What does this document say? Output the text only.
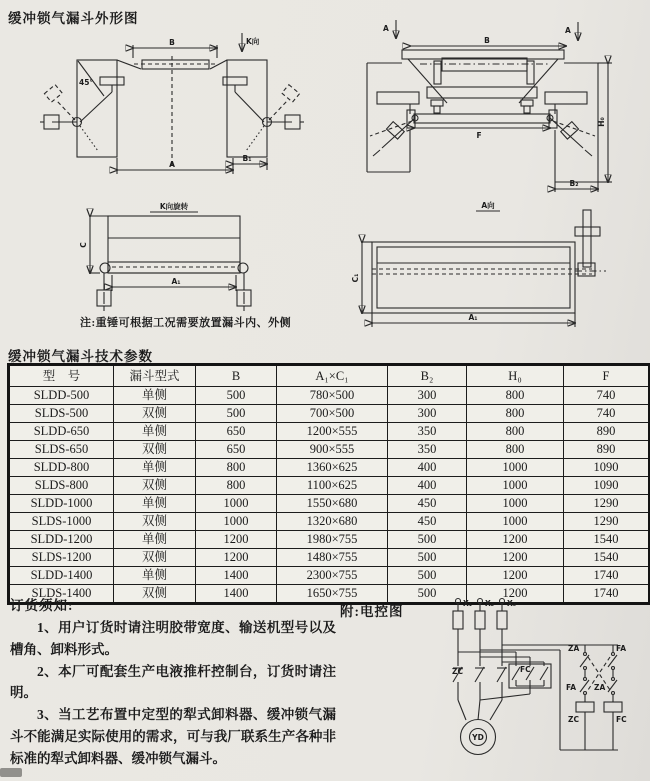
缓冲锁气漏斗外形图
B	K向
45°
A
B₁
A	A
B
F
H₀
B₂
K向旋转
C
A₁
注:重锤可根据工况需要放置漏斗内、外侧
A向
C₁
A₁
缓冲锁气漏斗技术参数
型　号	漏斗型式	B	A₁×C₁	B₂	H₀	F
SLDD-500	单侧	500	780×500	300	800	740
SLDS-500	双侧	500	700×500	300	800	740
SLDD-650	单侧	650	1200×555	350	800	890
SLDS-650	双侧	650	900×555	350	800	890
SLDD-800	单侧	800	1360×625	400	1000	1090
SLDS-800	双侧	800	1100×625	400	1000	1090
SLDD-1000	单侧	1000	1550×680	450	1000	1290
SLDS-1000	双侧	1000	1320×680	450	1000	1290
SLDD-1200	单侧	1200	1980×755	500	1200	1540
SLDS-1200	双侧	1200	1480×755	500	1200	1540
SLDD-1400	单侧	1400	2300×755	500	1200	1740
SLDS-1400	双侧	1400	1650×755	500	1200	1740
订货须知:

1、用户订货时请注明胶带宽度、输送机型号以及槽角、卸料形式。

2、本厂可配套生产电液推杆控制台，订货时请注明。

3、当工艺布置中定型的犁式卸料器、缓冲锁气漏斗不能满足实际使用的需求，可与我厂联系生产各种非标准的犁式卸料器、缓冲锁气漏斗。

附:电控图
X₁ X₂ X₃
ZC	FC
YD
ZA	FA
FA ZA
ZC	FC
